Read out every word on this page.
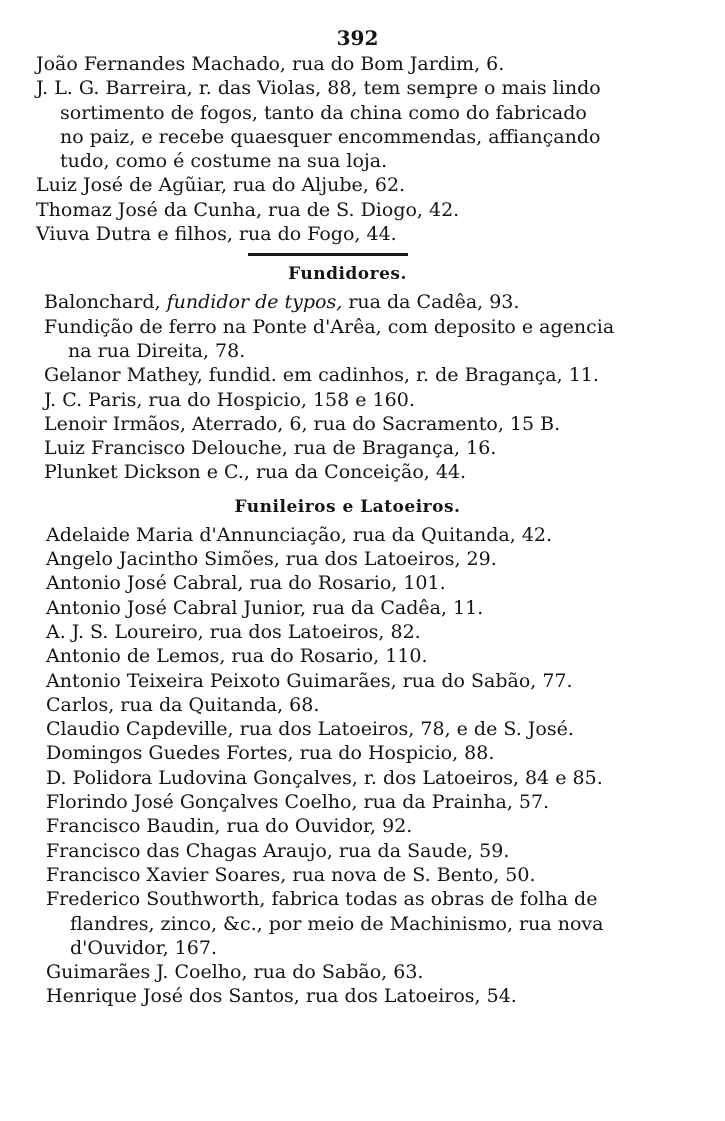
392
João Fernandes Machado, rua do Bom Jardim, 6.
J. L. G. Barreira, r. das Violas, 88, tem sempre o mais lindo
sortimento de fogos, tanto da china como do fabricado
no paiz, e recebe quaesquer encommendas, affiançando
tudo, como é costume na sua loja.
Luiz José de Agũiar, rua do Aljube, 62.
Thomaz José da Cunha, rua de S. Diogo, 42.
Viuva Dutra e filhos, rua do Fogo, 44.
Fundidores.
Balonchard, fundidor de typos, rua da Cadêa, 93.
Fundição de ferro na Ponte d'Arêa, com deposito e agencia
na rua Direita, 78.
Gelanor Mathey, fundid. em cadinhos, r. de Bragança, 11.
J. C. Paris, rua do Hospicio, 158 e 160.
Lenoir Irmãos, Aterrado, 6, rua do Sacramento, 15 B.
Luiz Francisco Delouche, rua de Bragança, 16.
Plunket Dickson e C., rua da Conceição, 44.
Funileiros e Latoeiros.
Adelaide Maria d'Annunciação, rua da Quitanda, 42.
Angelo Jacintho Simões, rua dos Latoeiros, 29.
Antonio José Cabral, rua do Rosario, 101.
Antonio José Cabral Junior, rua da Cadêa, 11.
A. J. S. Loureiro, rua dos Latoeiros, 82.
Antonio de Lemos, rua do Rosario, 110.
Antonio Teixeira Peixoto Guimarães, rua do Sabão, 77.
Carlos, rua da Quitanda, 68.
Claudio Capdeville, rua dos Latoeiros, 78, e de S. José.
Domingos Guedes Fortes, rua do Hospicio, 88.
D. Polidora Ludovina Gonçalves, r. dos Latoeiros, 84 e 85.
Florindo José Gonçalves Coelho, rua da Prainha, 57.
Francisco Baudin, rua do Ouvidor, 92.
Francisco das Chagas Araujo, rua da Saude, 59.
Francisco Xavier Soares, rua nova de S. Bento, 50.
Frederico Southworth, fabrica todas as obras de folha de
flandres, zinco, &c., por meio de Machinismo, rua nova
d'Ouvidor, 167.
Guimarães J. Coelho, rua do Sabão, 63.
Henrique José dos Santos, rua dos Latoeiros, 54.
